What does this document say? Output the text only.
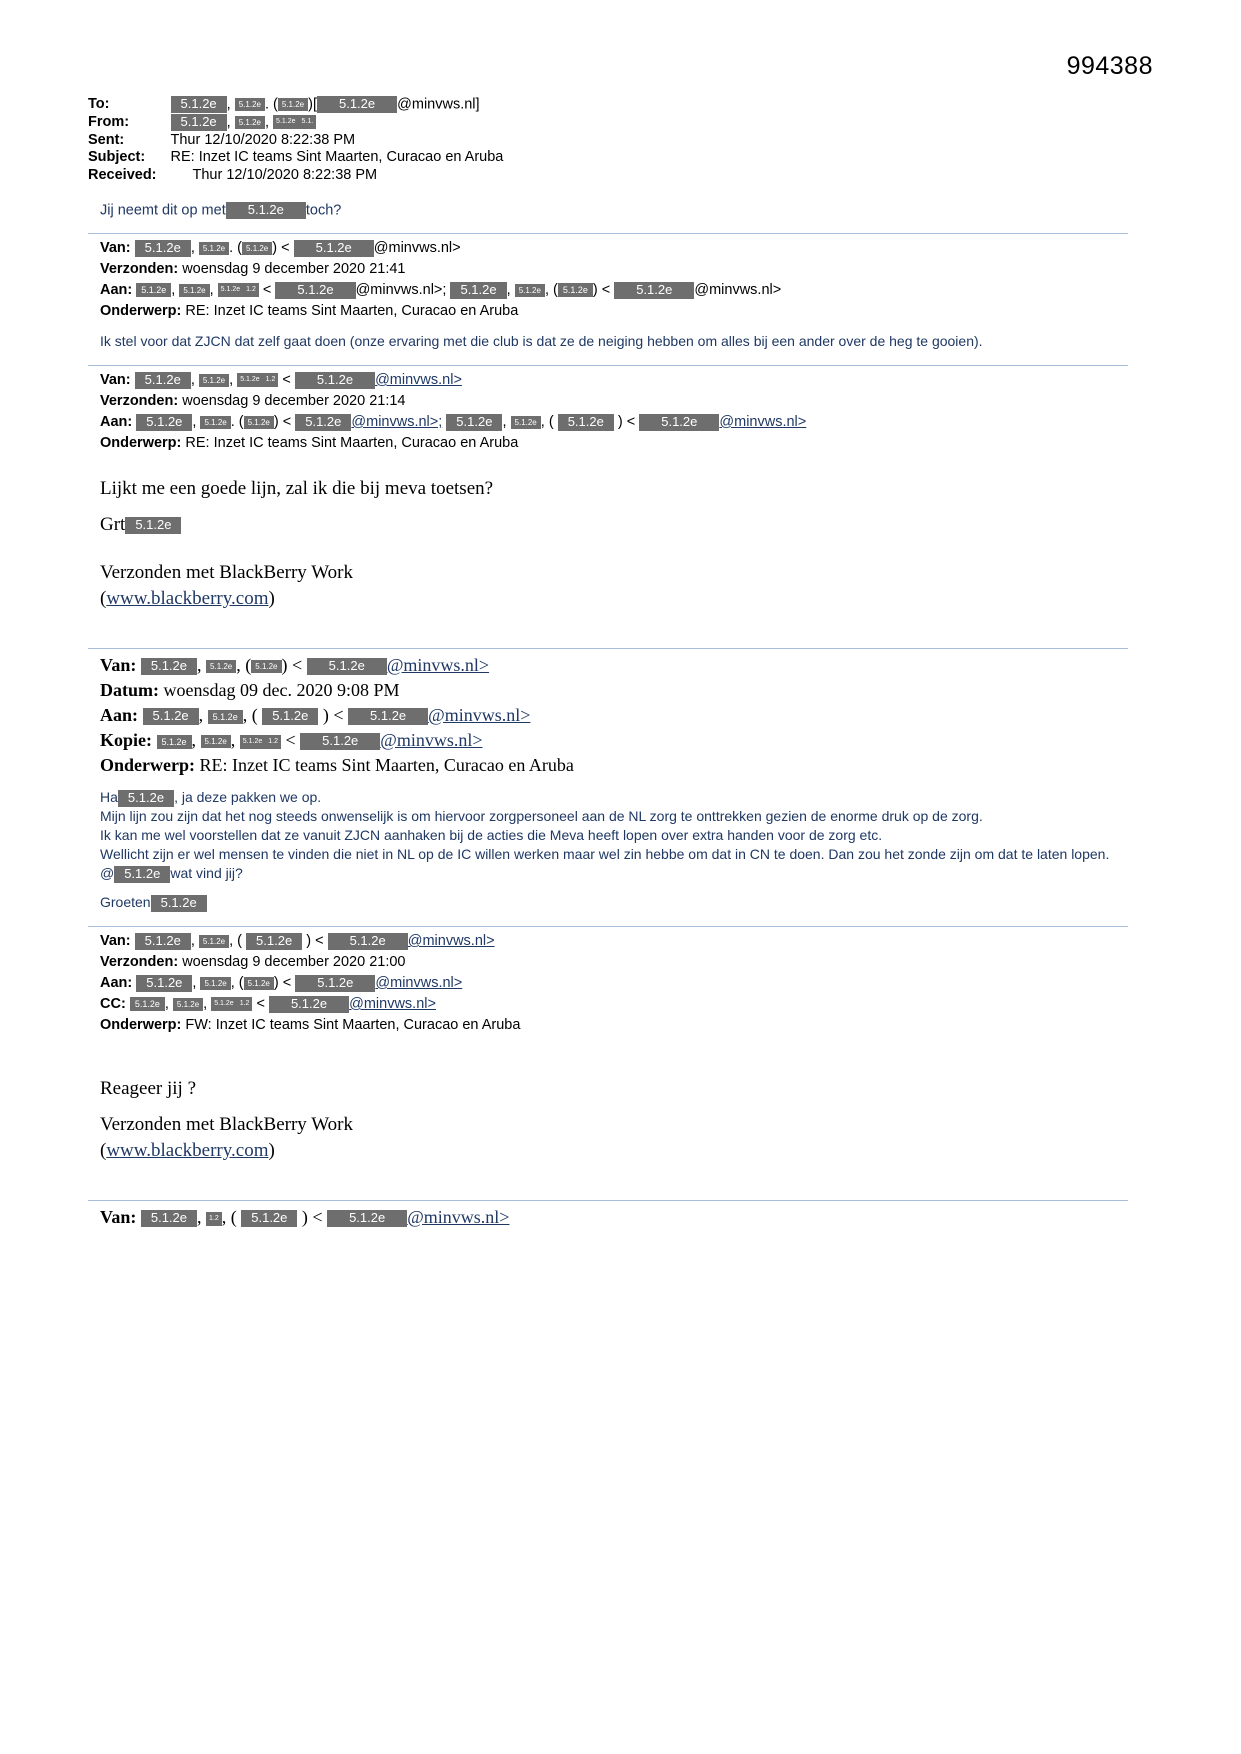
994388
To:	5.1.2e , 5.1.2e . ( 5.1.2e )[ 5.1.2e @minvws.nl]
From:	5.1.2e , 5.1.2e , 5.1.2e 5.1.
Sent:	Thur 12/10/2020 8:22:38 PM
Subject:	RE: Inzet IC teams Sint Maarten, Curacao en Aruba
Received:	Thur 12/10/2020 8:22:38 PM
Jij neemt dit op met 5.1.2e toch?
Van: 5.1.2e , 5.1.2e . ( 5.1.2e ) < 5.1.2e @minvws.nl>
Verzonden: woensdag 9 december 2020 21:41
Aan: 5.1.2e , 5.1.2e , 5.1.2e 1.2 < 5.1.2e @minvws.nl>; 5.1.2e , 5.1.2e , ( 5.1.2e ) < 5.1.2e @minvws.nl>
Onderwerp: RE: Inzet IC teams Sint Maarten, Curacao en Aruba
Ik stel voor dat ZJCN dat zelf gaat doen (onze ervaring met die club is dat ze de neiging hebben om alles bij een ander over de heg te gooien).
Van: 5.1.2e , 5.1.2e , 5.1.2e 1.2 < 5.1.2e @minvws.nl>
Verzonden: woensdag 9 december 2020 21:14
Aan: 5.1.2e , 5.1.2e . ( 5.1.2e ) < 5.1.2e @minvws.nl>; 5.1.2e , 5.1.2e , ( 5.1.2e ) < 5.1.2e @minvws.nl>
Onderwerp: RE: Inzet IC teams Sint Maarten, Curacao en Aruba
Lijkt me een goede lijn, zal ik die bij meva toetsen?
Grt 5.1.2e
Verzonden met BlackBerry Work
(www.blackberry.com)
Van: 5.1.2e , 5.1.2e , ( 5.1.2e ) < 5.1.2e @minvws.nl>
Datum: woensdag 09 dec. 2020 9:08 PM
Aan: 5.1.2e , 5.1.2e , ( 5.1.2e ) < 5.1.2e @minvws.nl>
Kopie: 5.1.2e , 5.1.2e , 5.1.2e 1.2 < 5.1.2e @minvws.nl>
Onderwerp: RE: Inzet IC teams Sint Maarten, Curacao en Aruba
Ha 5.1.2e , ja deze pakken we op.
Mijn lijn zou zijn dat het nog steeds onwenselijk is om hiervoor zorgpersoneel aan de NL zorg te onttrekken gezien de enorme druk op de zorg.
Ik kan me wel voorstellen dat ze vanuit ZJCN aanhaken bij de acties die Meva heeft lopen over extra handen voor de zorg etc.
Wellicht zijn er wel mensen te vinden die niet in NL op de IC willen werken maar wel zin hebbe om dat in CN te doen. Dan zou het zonde zijn om dat te laten lopen.
@ 5.1.2e wat vind jij?
Groeten 5.1.2e
Van: 5.1.2e , 5.1.2e , ( 5.1.2e ) < 5.1.2e @minvws.nl>
Verzonden: woensdag 9 december 2020 21:00
Aan: 5.1.2e , 5.1.2e , ( 5.1.2e ) < 5.1.2e @minvws.nl>
CC: 5.1.2e , 5.1.2e , 5.1.2e 1.2 < 5.1.2e @minvws.nl>
Onderwerp: FW: Inzet IC teams Sint Maarten, Curacao en Aruba
Reageer jij ?
Verzonden met BlackBerry Work
(www.blackberry.com)
Van: 5.1.2e , 1.2 , ( 5.1.2e ) < 5.1.2e @minvws.nl>
